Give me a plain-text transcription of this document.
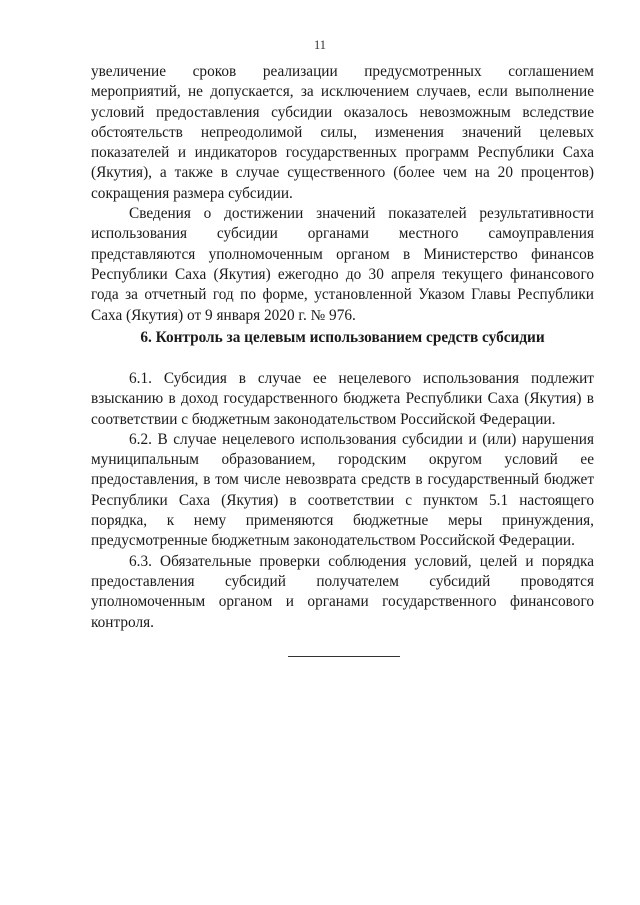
11

увеличение сроков реализации предусмотренных соглашением мероприятий, не допускается, за исключением случаев, если выполнение условий предоставления субсидии оказалось невозможным вследствие обстоятельств непреодолимой силы, изменения значений целевых показателей и индикаторов государственных программ Республики Саха (Якутия), а также в случае существенного (более чем на 20 процентов) сокращения размера субсидии.

Сведения о достижении значений показателей результативности использования субсидии органами местного самоуправления представляются уполномоченным органом в Министерство финансов Республики Саха (Якутия) ежегодно до 30 апреля текущего финансового года за отчетный год по форме, установленной Указом Главы Республики Саха (Якутия) от 9 января 2020 г. № 976.

6. Контроль за целевым использованием средств субсидии

6.1. Субсидия в случае ее нецелевого использования подлежит взысканию в доход государственного бюджета Республики Саха (Якутия) в соответствии с бюджетным законодательством Российской Федерации.

6.2. В случае нецелевого использования субсидии и (или) нарушения муниципальным образованием, городским округом условий ее предоставления, в том числе невозврата средств в государственный бюджет Республики Саха (Якутия) в соответствии с пунктом 5.1 настоящего порядка, к нему применяются бюджетные меры принуждения, предусмотренные бюджетным законодательством Российской Федерации.

6.3. Обязательные проверки соблюдения условий, целей и порядка предоставления субсидий получателем субсидий проводятся уполномоченным органом и органами государственного финансового контроля.
